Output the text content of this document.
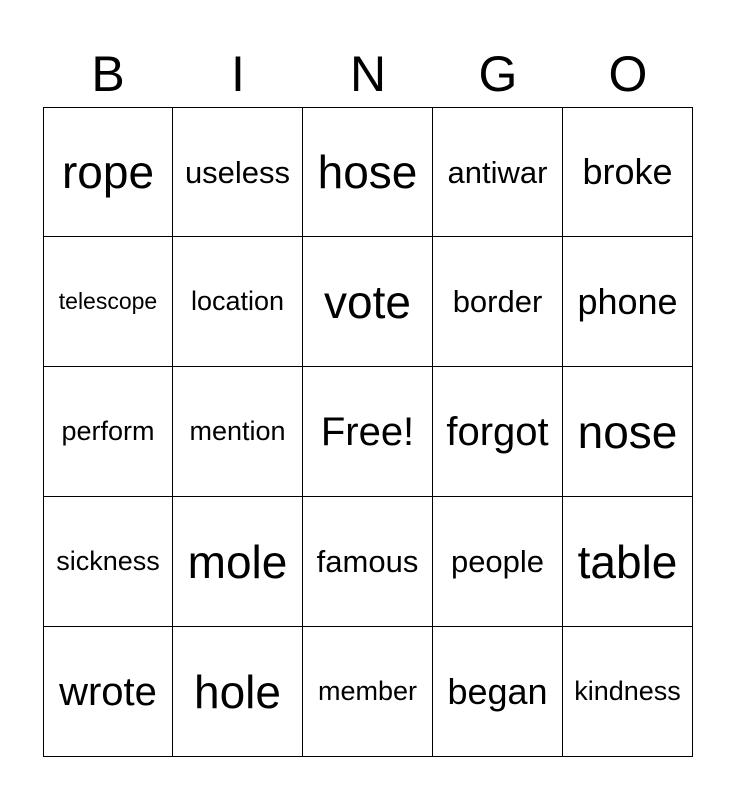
B	I	N	G	O
rope useless hose antiwar broke
telescope	location vote	border phone
perform	mention Free! forgot nose
sickness mole famous	people table
wrote hole	member began kindness
